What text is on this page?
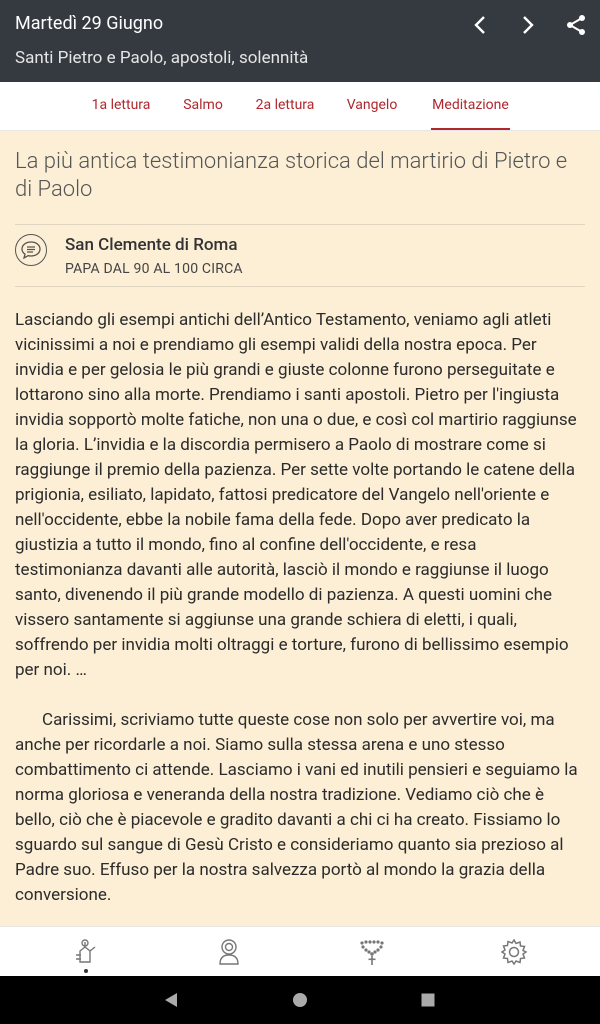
Martedì 29 Giugno
Santi Pietro e Paolo, apostoli, solennità
1a lettura	Salmo	2a lettura	Vangelo	Meditazione
La più antica testimonianza storica del martirio di Pietro e di Paolo
San Clemente di Roma
PAPA DAL 90 AL 100 CIRCA

Lasciando gli esempi antichi dell’Antico Testamento, veniamo agli atleti vicinissimi a noi e prendiamo gli esempi validi della nostra epoca. Per invidia e per gelosia le più grandi e giuste colonne furono perseguitate e lottarono sino alla morte. Prendiamo i santi apostoli. Pietro per l'ingiusta invidia sopportò molte fatiche, non una o due, e così col martirio raggiunse la gloria. L’invidia e la discordia permisero a Paolo di mostrare come si raggiunge il premio della pazienza. Per sette volte portando le catene della prigionia, esiliato, lapidato, fattosi predicatore del Vangelo nell'oriente e nell'occidente, ebbe la nobile fama della fede. Dopo aver predicato la giustizia a tutto il mondo, fino al confine dell'occidente, e resa testimonianza davanti alle autorità, lasciò il mondo e raggiunse il luogo santo, divenendo il più grande modello di pazienza. A questi uomini che vissero santamente si aggiunse una grande schiera di eletti, i quali, soffrendo per invidia molti oltraggi e torture, furono di bellissimo esempio per noi. …

Carissimi, scriviamo tutte queste cose non solo per avvertire voi, ma anche per ricordarle a noi. Siamo sulla stessa arena e uno stesso combattimento ci attende. Lasciamo i vani ed inutili pensieri e seguiamo la norma gloriosa e veneranda della nostra tradizione. Vediamo ciò che è bello, ciò che è piacevole e gradito davanti a chi ci ha creato. Fissiamo lo sguardo sul sangue di Gesù Cristo e consideriamo quanto sia prezioso al Padre suo. Effuso per la nostra salvezza portò al mondo la grazia della conversione.
